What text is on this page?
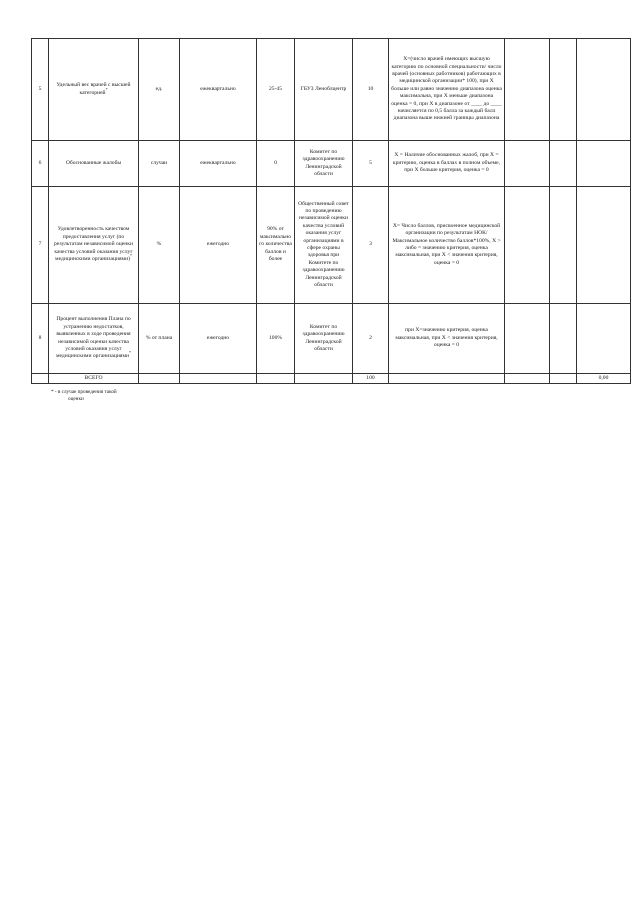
5	Удельный вес врачей с высшей категорией*	ед.	ежеквартально	25-45	ГБУЗ Леноблцентр	10	Х=(число врачей имеющих высшую категорию по основной специальности/ число врачей (основных работников) работающих в медицинской организации* 100), при Х больше или равно значению диапазона оценка максимальна, при Х меньше диапазона оценка = 0, при Х в диапазоне от ____ до ____ начисляется по 0,5 балла за каждый балл диапазона выше нижней границы диапазона			
6	Обоснованные жалобы	случаи	ежеквартально	0	Комитет по здравоохранению Ленинградской области	5	Х = Наличие обоснованных жалоб, при Х = критерию, оценка в баллах в полном объеме, при Х больше критерия, оценка = 0			
7	Удовлетворенность качеством предоставления услуг (по результатам независимой оценки качества условий оказания услуг медицинскими организациями)*	%	ежегодно	90% от максимально го количества баллов и более	Общественный совет по проведению независимой оценки качества условий оказания услуг организациями в сфере охраны здоровья при Комитете по здравоохранению Ленинградской области	3	Х= Число баллов, присвоенное медицинской организации по результатам НОК/Максимальное количество баллов*100%, Х > либо = значению критерия, оценка максимальная, при Х < значения критерия, оценка = 0			
8	Процент выполнения Плана по устранению недостатков, выявленных в ходе проведения независимой оценки качества условий оказания услуг медицинскими организациями*	% от плана	ежегодно	100%	Комитет по здравоохранению Ленинградской области	2	при Х=значению критерия, оценка максимальная, при Х < значения критерия, оценка = 0			
	ВСЕГО					100				0,00
* - в случае проведения такой
оценки
